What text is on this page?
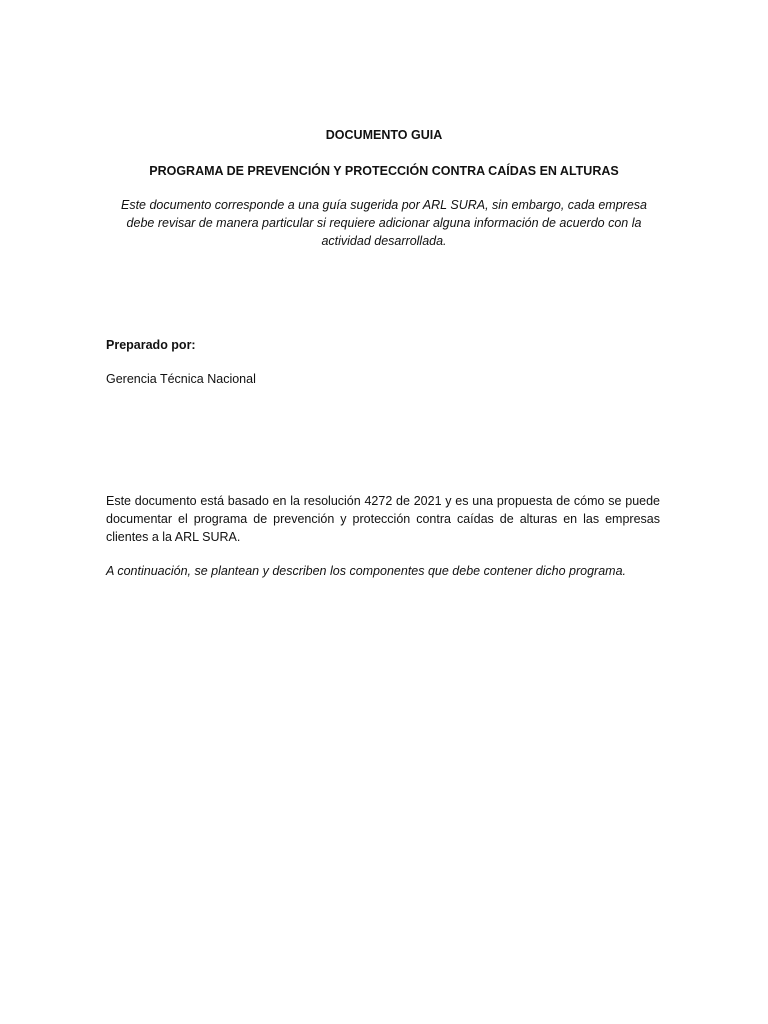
DOCUMENTO GUIA
PROGRAMA DE PREVENCIÓN Y PROTECCIÓN CONTRA CAÍDAS EN ALTURAS
Este documento corresponde a una guía sugerida por ARL SURA, sin embargo, cada empresa debe revisar de manera particular si requiere adicionar alguna información de acuerdo con la actividad desarrollada.
Preparado por:
Gerencia Técnica Nacional
Este documento está basado en la resolución 4272 de 2021 y es una propuesta de cómo se puede documentar el programa de prevención y protección contra caídas de alturas en las empresas clientes a la ARL SURA.
A continuación, se plantean y describen los componentes que debe contener dicho programa.
